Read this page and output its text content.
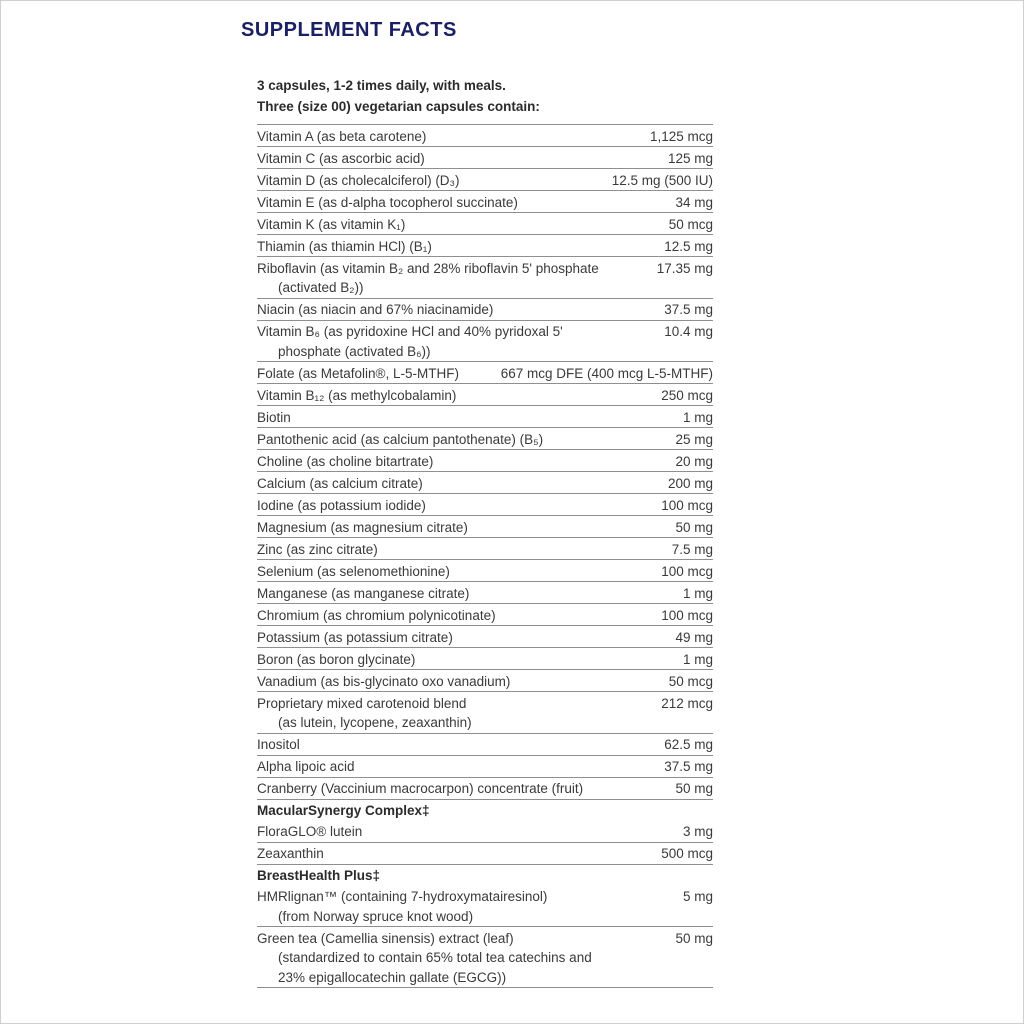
SUPPLEMENT FACTS
3 capsules, 1-2 times daily, with meals.
Three (size 00) vegetarian capsules contain:
Vitamin A (as beta carotene)	1,125 mcg
Vitamin C (as ascorbic acid)	125 mg
Vitamin D (as cholecalciferol) (D₃)	12.5 mg (500 IU)
Vitamin E (as d-alpha tocopherol succinate)	34 mg
Vitamin K (as vitamin K₁)	50 mcg
Thiamin (as thiamin HCl) (B₁)	12.5 mg
Riboflavin (as vitamin B₂ and 28% riboflavin 5' phosphate	17.35 mg
(activated B₂))
Niacin (as niacin and 67% niacinamide)	37.5 mg
Vitamin B₆ (as pyridoxine HCl and 40% pyridoxal 5'	10.4 mg
phosphate (activated B₆))
Folate (as Metafolin®, L-5-MTHF)	667 mcg DFE (400 mcg L-5-MTHF)
Vitamin B₁₂ (as methylcobalamin)	250 mcg
Biotin	1 mg
Pantothenic acid (as calcium pantothenate) (B₅)	25 mg
Choline (as choline bitartrate)	20 mg
Calcium (as calcium citrate)	200 mg
Iodine (as potassium iodide)	100 mcg
Magnesium (as magnesium citrate)	50 mg
Zinc (as zinc citrate)	7.5 mg
Selenium (as selenomethionine)	100 mcg
Manganese (as manganese citrate)	1 mg
Chromium (as chromium polynicotinate)	100 mcg
Potassium (as potassium citrate)	49 mg
Boron (as boron glycinate)	1 mg
Vanadium (as bis-glycinato oxo vanadium)	50 mcg
Proprietary mixed carotenoid blend	212 mcg
(as lutein, lycopene, zeaxanthin)
Inositol	62.5 mg
Alpha lipoic acid	37.5 mg
Cranberry (Vaccinium macrocarpon) concentrate (fruit)	50 mg
MacularSynergy Complex‡
FloraGLO® lutein	3 mg
Zeaxanthin	500 mcg
BreastHealth Plus‡
HMRlignan™ (containing 7-hydroxymatairesinol)	5 mg
(from Norway spruce knot wood)
Green tea (Camellia sinensis) extract (leaf)	50 mg
(standardized to contain 65% total tea catechins and
23% epigallocatechin gallate (EGCG))
